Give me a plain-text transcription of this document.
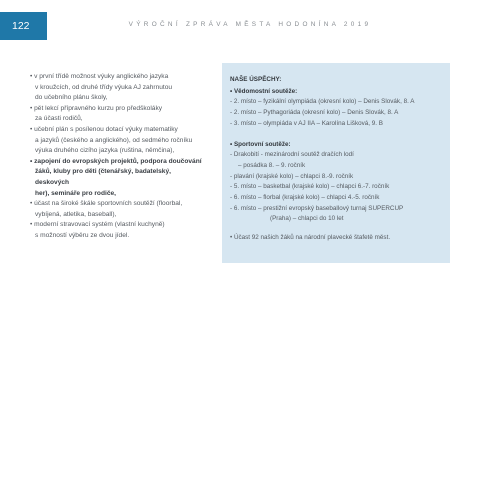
122	VÝROČNÍ ZPRÁVA MĚSTA HODONÍNA 2019
• v první třídě možnost výuky anglického jazyka
v kroužcích, od druhé třídy výuka AJ zahrnutou
do učebního plánu školy,
• pět lekcí přípravného kurzu pro předškoláky
za účasti rodičů,
• učební plán s posílenou dotací výuky matematiky
a jazyků (českého a anglického), od sedmého ročníku
výuka druhého cizího jazyka (ruština, němčina),
• zapojení do evropských projektů, podpora doučování
žáků, kluby pro děti (čtenářský, badatelský, deskových
her), semináře pro rodiče,
• účast na široké škále sportovních soutěží (floorbal,
vybíjená, atletika, baseball),
• moderní stravovací systém (vlastní kuchyně)
s možností výběru ze dvou jídel.
NAŠE ÚSPĚCHY:
• Vědomostní soutěže:
- 2. místo – fyzikální olympiáda (okresní kolo) – Denis Slovák, 8. A
- 2. místo – Pythagoriáda (okresní kolo) – Denis Slovák, 8. A
- 3. místo – olympiáda v AJ IIA – Karolína Lišková, 9. B
• Sportovní soutěže:
- Drakobití - mezinárodní soutěž dračích lodí
– posádka 8. – 9. ročník
- plavání (krajské kolo) – chlapci 8.-9. ročník
- 5. místo – basketbal (krajské kolo) – chlapci 6.-7. ročník
- 6. místo – florbal (krajské kolo) – chlapci 4.-5. ročník
- 6. místo – prestižní evropský baseballový turnaj SUPERCUP
(Praha) – chlapci do 10 let
• Účast 92 našich žáků na národní plavecké štafetě měst.
